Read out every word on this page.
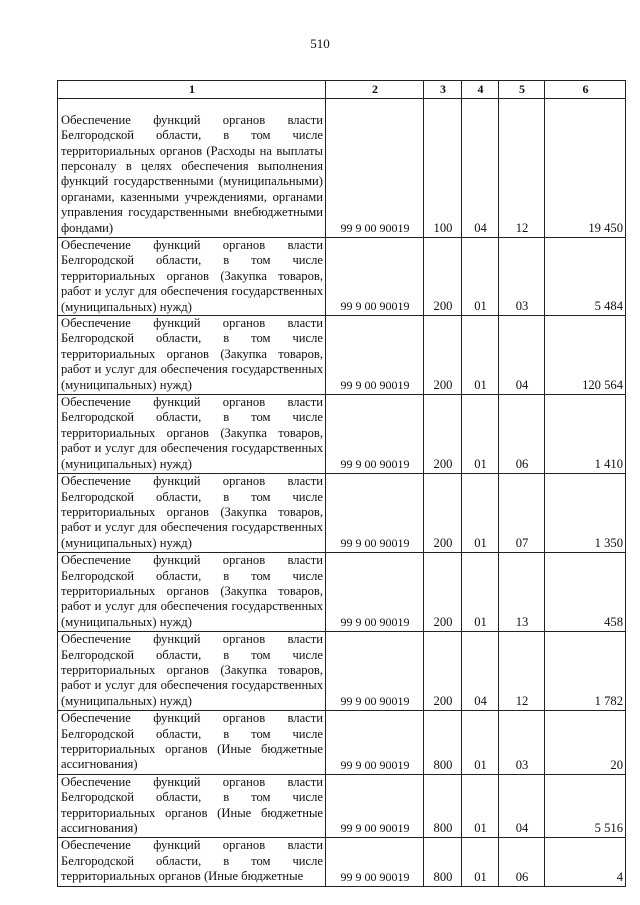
510
1	2	3	4	5	6
Обеспечение функций органов власти Белгородской области, в том числе территориальных органов (Расходы на выплаты персоналу в целях обеспечения выполнения функций государственными (муниципальными) органами, казенными учреждениями, органами управления государственными внебюджетными фондами)	99 9 00 90019	100	04	12	19 450
Обеспечение функций органов власти Белгородской области, в том числе территориальных органов (Закупка товаров, работ и услуг для обеспечения государственных (муниципальных) нужд)	99 9 00 90019	200	01	03	5 484
Обеспечение функций органов власти Белгородской области, в том числе территориальных органов (Закупка товаров, работ и услуг для обеспечения государственных (муниципальных) нужд)	99 9 00 90019	200	01	04	120 564
Обеспечение функций органов власти Белгородской области, в том числе территориальных органов (Закупка товаров, работ и услуг для обеспечения государственных (муниципальных) нужд)	99 9 00 90019	200	01	06	1 410
Обеспечение функций органов власти Белгородской области, в том числе территориальных органов (Закупка товаров, работ и услуг для обеспечения государственных (муниципальных) нужд)	99 9 00 90019	200	01	07	1 350
Обеспечение функций органов власти Белгородской области, в том числе территориальных органов (Закупка товаров, работ и услуг для обеспечения государственных (муниципальных) нужд)	99 9 00 90019	200	01	13	458
Обеспечение функций органов власти Белгородской области, в том числе территориальных органов (Закупка товаров, работ и услуг для обеспечения государственных (муниципальных) нужд)	99 9 00 90019	200	04	12	1 782
Обеспечение функций органов власти Белгородской области, в том числе территориальных органов (Иные бюджетные ассигнования)	99 9 00 90019	800	01	03	20
Обеспечение функций органов власти Белгородской области, в том числе территориальных органов (Иные бюджетные ассигнования)	99 9 00 90019	800	01	04	5 516
Обеспечение функций органов власти Белгородской области, в том числе территориальных органов (Иные бюджетные	99 9 00 90019	800	01	06	4
